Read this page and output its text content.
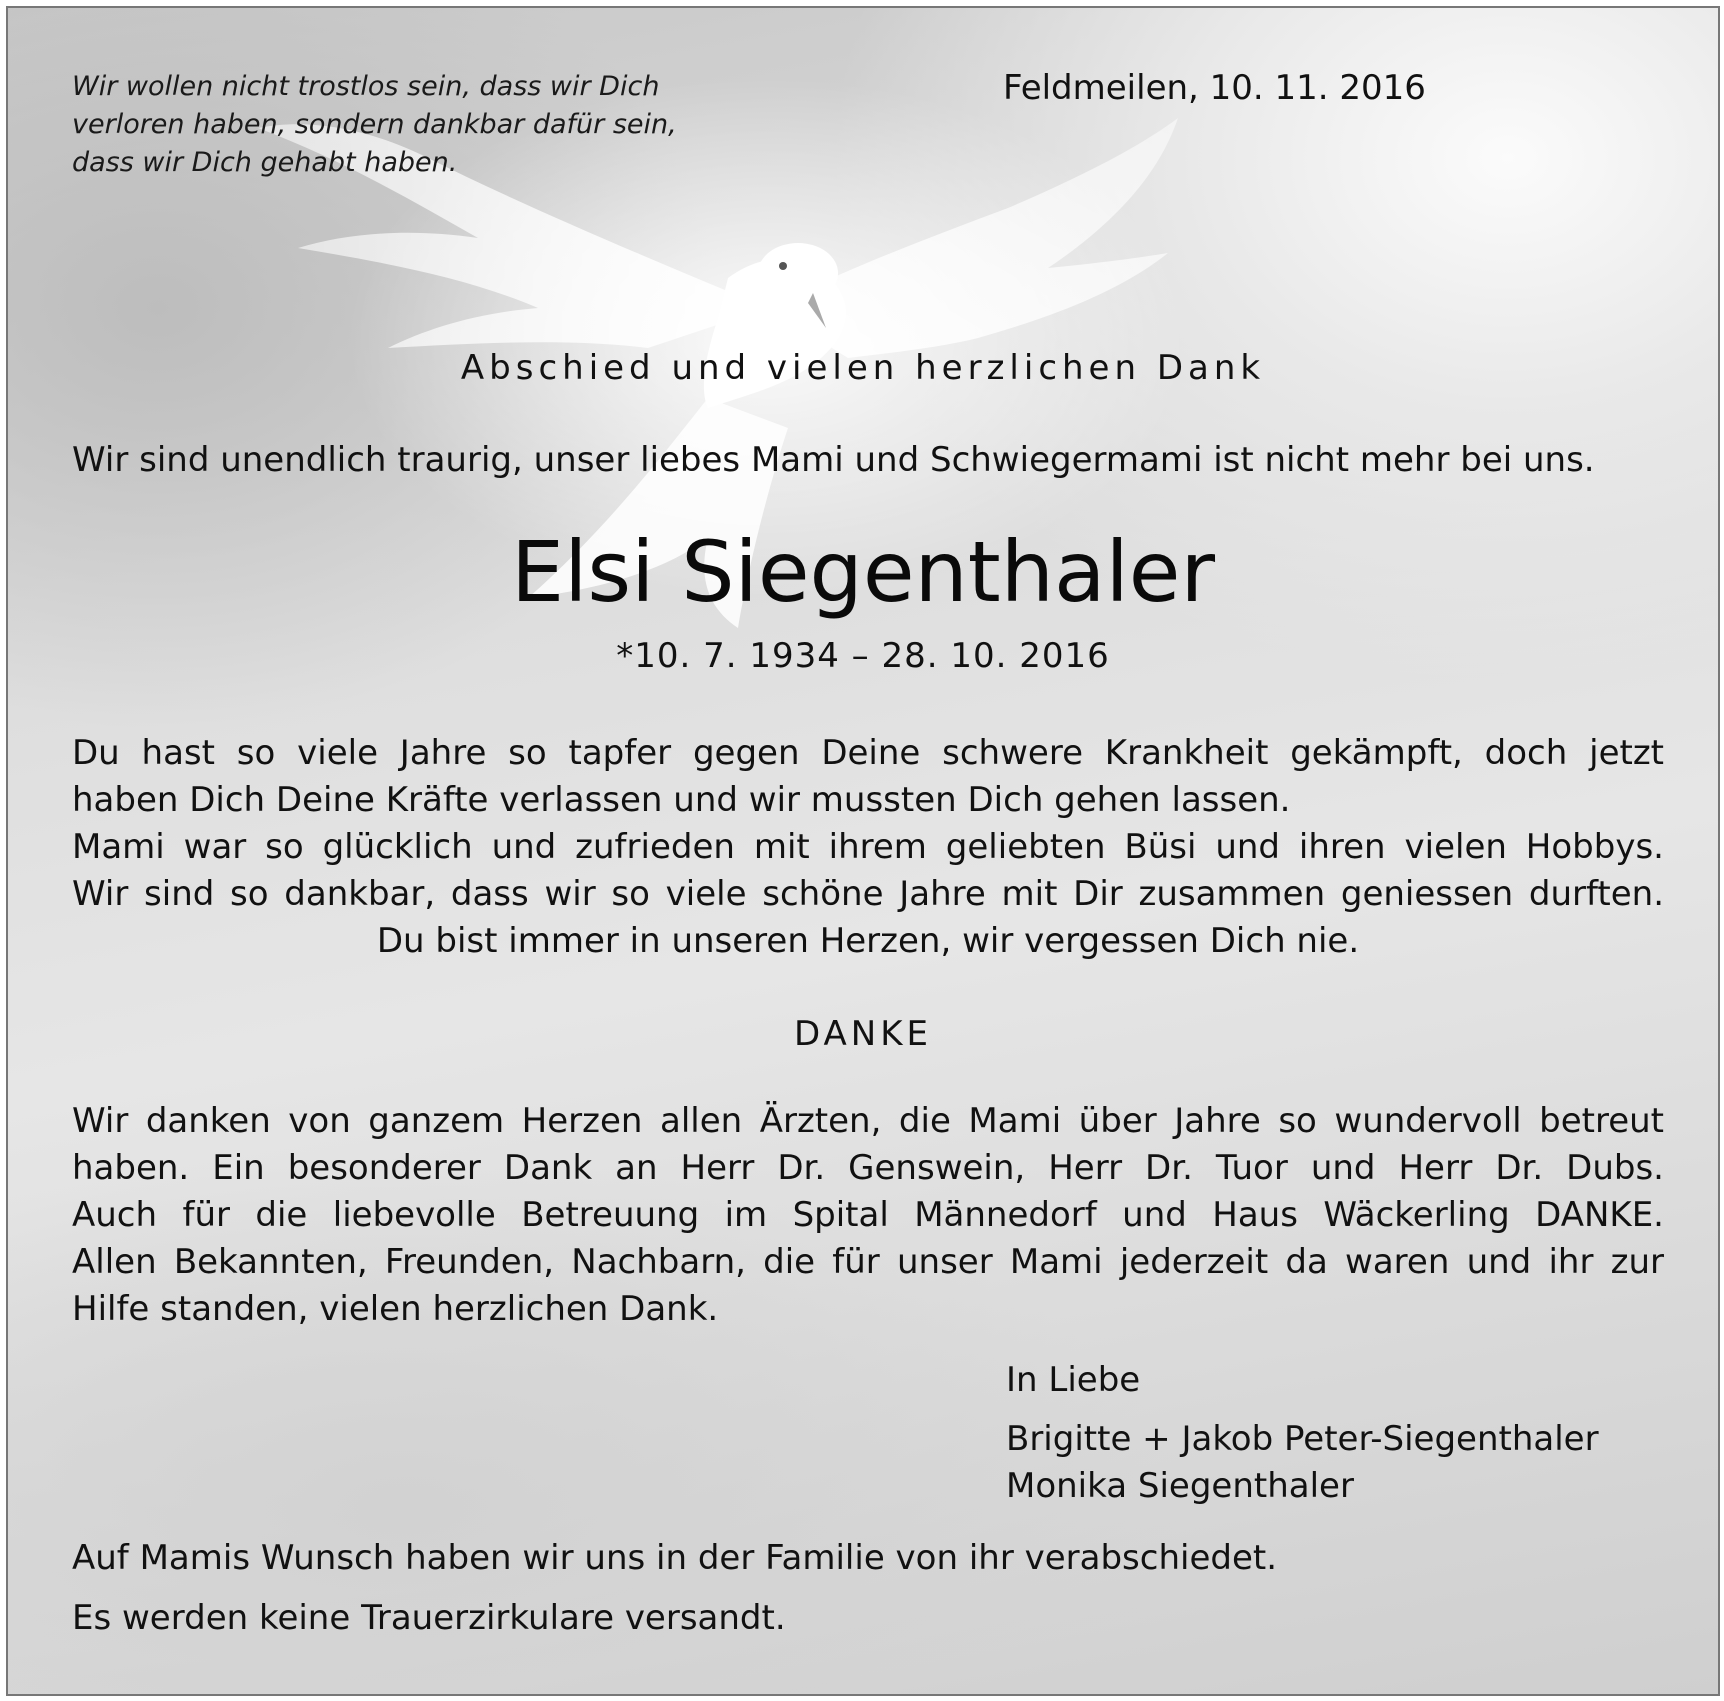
Wir wollen nicht trostlos sein, dass wir Dich
verloren haben, sondern dankbar dafür sein,
dass wir Dich gehabt haben.
Feldmeilen, 10. 11. 2016
Abschied und vielen herzlichen Dank
Wir sind unendlich traurig, unser liebes Mami und Schwiegermami ist nicht mehr bei uns.
Elsi Siegenthaler
*10. 7. 1934 – 28. 10. 2016
Du hast so viele Jahre so tapfer gegen Deine schwere Krankheit gekämpft, doch jetzt
haben Dich Deine Kräfte verlassen und wir mussten Dich gehen lassen.
Mami war so glücklich und zufrieden mit ihrem geliebten Büsi und ihren vielen Hobbys.
Wir sind so dankbar, dass wir so viele schöne Jahre mit Dir zusammen geniessen durften.
Du bist immer in unseren Herzen, wir vergessen Dich nie.
DANKE
Wir danken von ganzem Herzen allen Ärzten, die Mami über Jahre so wundervoll betreut
haben. Ein besonderer Dank an Herr Dr. Genswein, Herr Dr. Tuor und Herr Dr. Dubs.
Auch für die liebevolle Betreuung im Spital Männedorf und Haus Wäckerling DANKE.
Allen Bekannten, Freunden, Nachbarn, die für unser Mami jederzeit da waren und ihr zur
Hilfe standen, vielen herzlichen Dank.
In Liebe
Brigitte + Jakob Peter-Siegenthaler
Monika Siegenthaler
Auf Mamis Wunsch haben wir uns in der Familie von ihr verabschiedet.
Es werden keine Trauerzirkulare versandt.
